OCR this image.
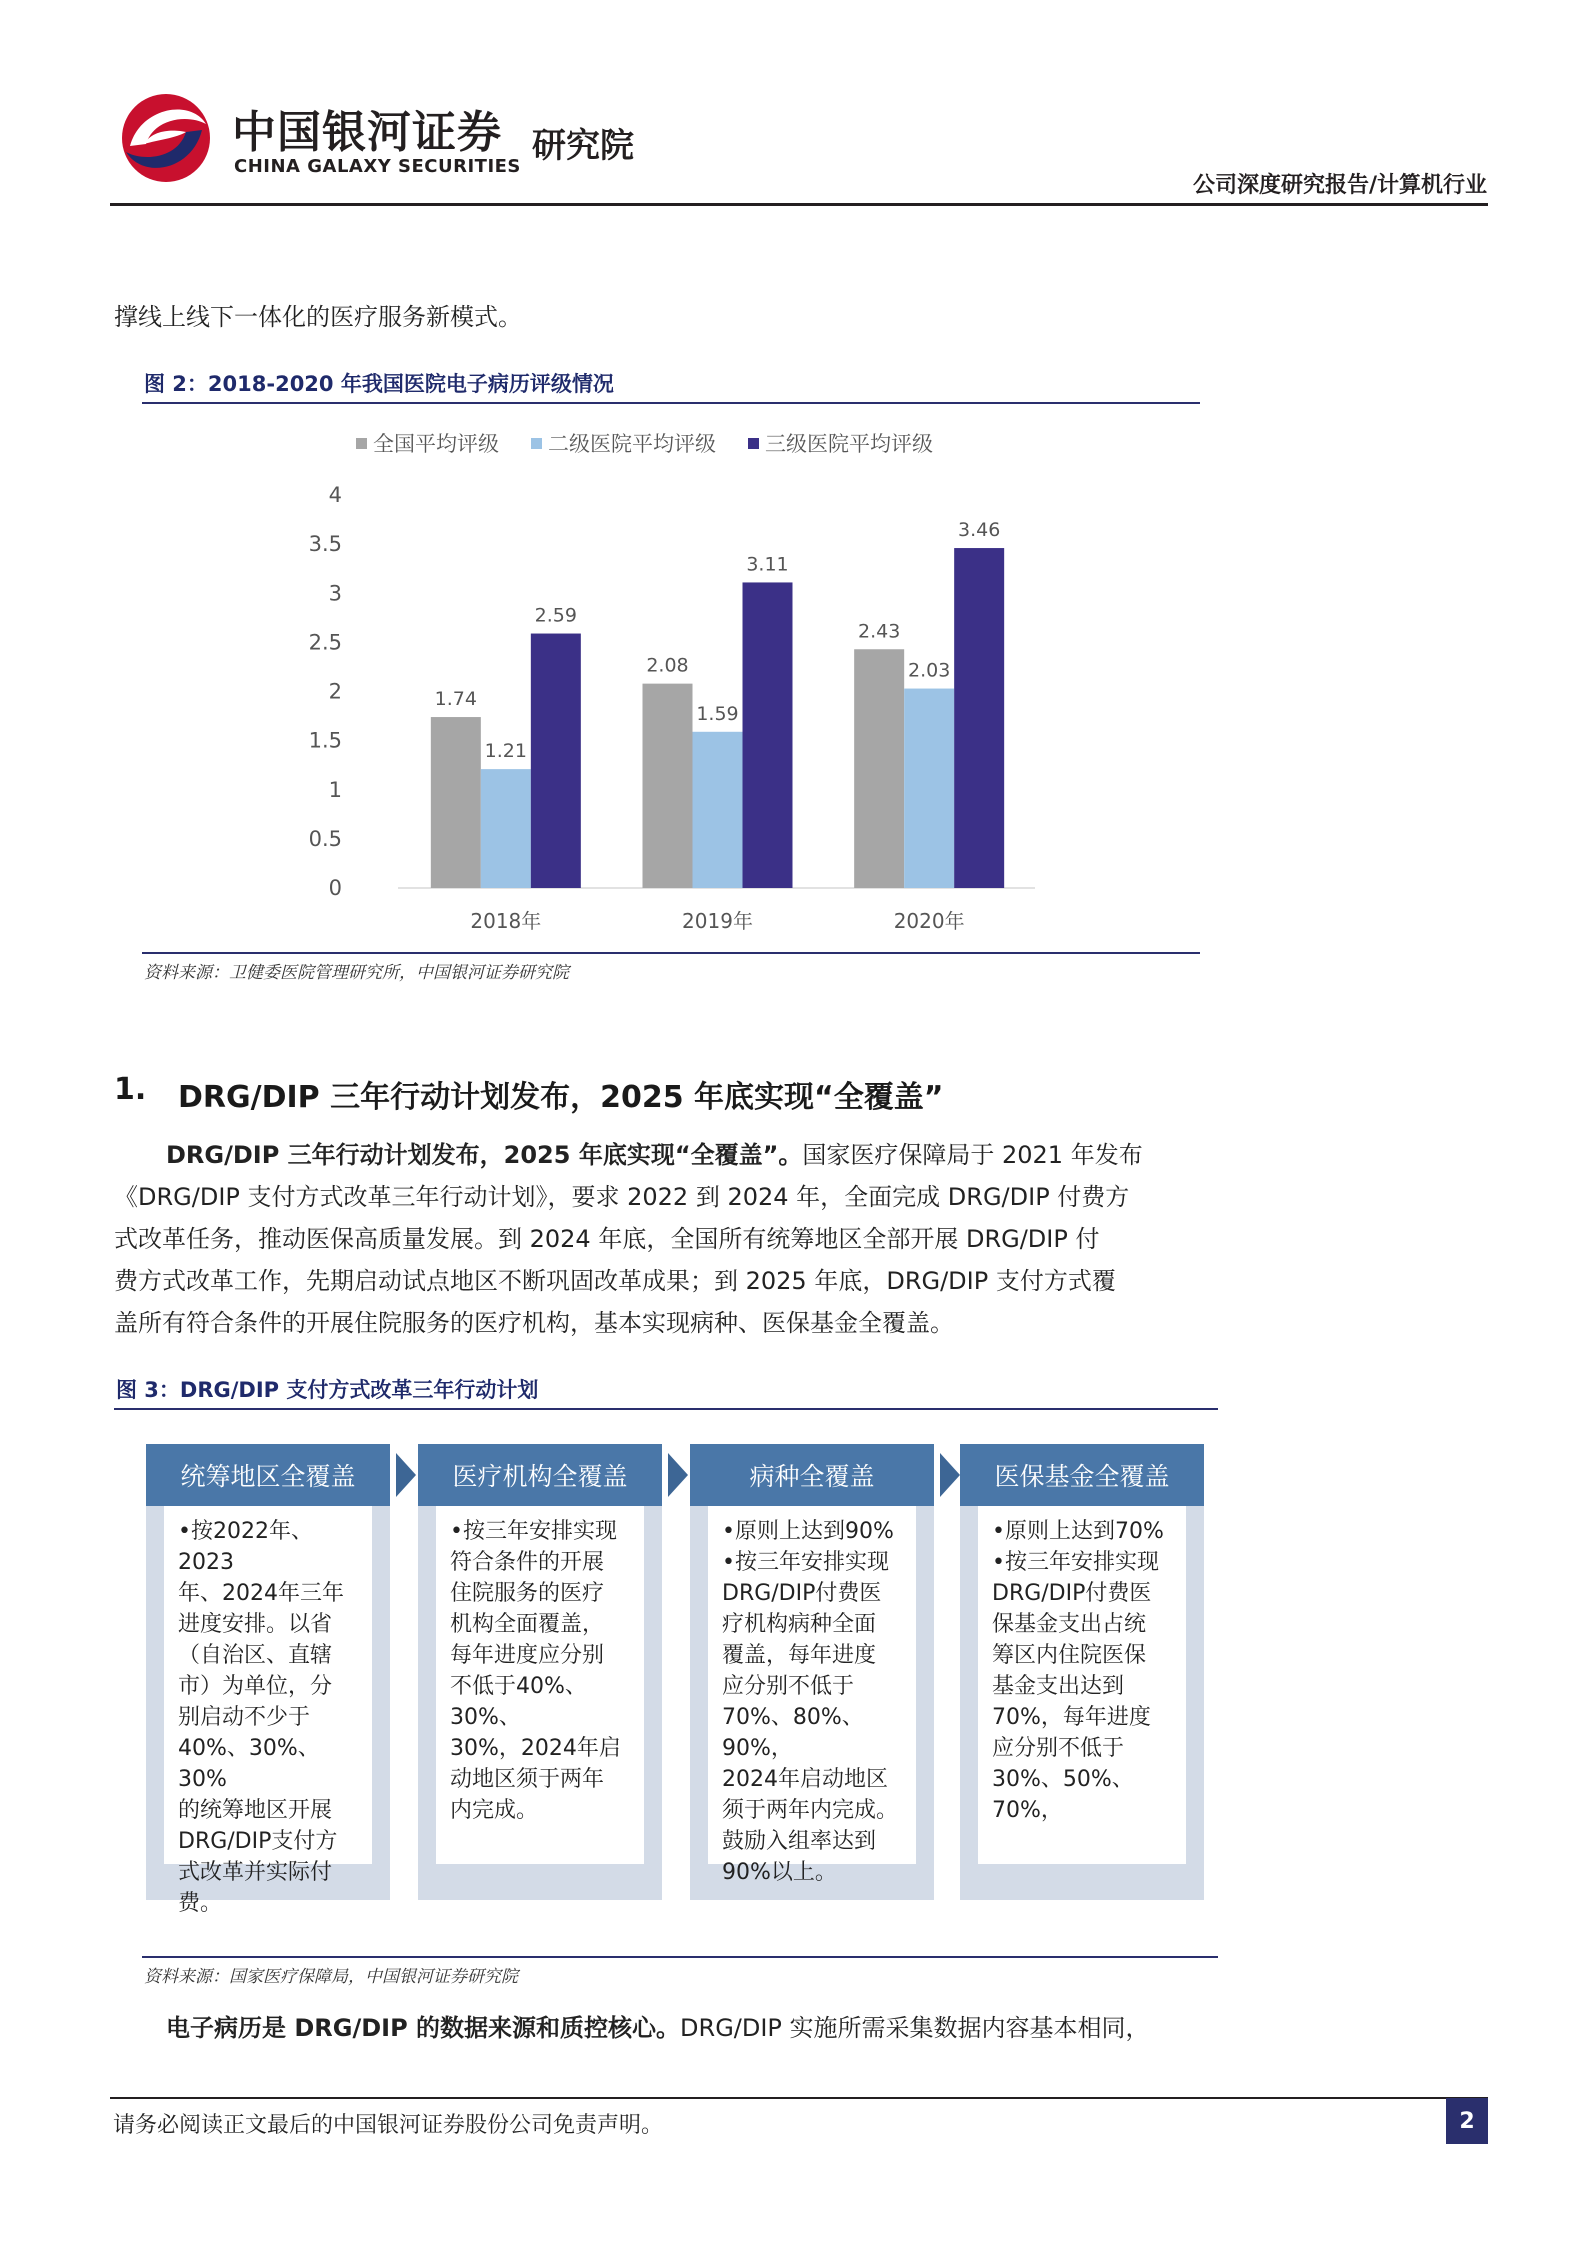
中国银河证券
CHINA GALAXY SECURITIES
研究院
公司深度研究报告/计算机行业
撑线上线下一体化的医疗服务新模式。
图 2：2018-2020 年我国医院电子病历评级情况
全国平均评级 二级医院平均评级 三级医院平均评级
0
0.5
1
1.5
2
2.5
3
3.5
4
1.74
1.21
2.59
2018年
2.08
1.59
3.11
2019年
2.43
2.03
3.46
2020年
资料来源：卫健委医院管理研究所，中国银河证券研究院
1. DRG/DIP 三年行动计划发布，2025 年底实现“全覆盖”
DRG/DIP 三年行动计划发布，2025 年底实现“全覆盖”。国家医疗保障局于 2021 年发布
《DRG/DIP 支付方式改革三年行动计划》，要求 2022 到 2024 年，全面完成 DRG/DIP 付费方
式改革任务，推动医保高质量发展。到 2024 年底，全国所有统筹地区全部开展 DRG/DIP 付
费方式改革工作，先期启动试点地区不断巩固改革成果；到 2025 年底，DRG/DIP 支付方式覆
盖所有符合条件的开展住院服务的医疗机构，基本实现病种、医保基金全覆盖。
图 3：DRG/DIP 支付方式改革三年行动计划
统筹地区全覆盖
•按2022年、2023
年、2024年三年
进度安排。以省
（自治区、直辖
市）为单位，分
别启动不少于
40%、30%、30%
的统筹地区开展
DRG/DIP支付方
式改革并实际付
费。
医疗机构全覆盖
•按三年安排实现
符合条件的开展
住院服务的医疗
机构全面覆盖，
每年进度应分别
不低于40%、30%、
30%，2024年启
动地区须于两年
内完成。
病种全覆盖
•原则上达到90%
•按三年安排实现
DRG/DIP付费医
疗机构病种全面
覆盖，每年进度
应分别不低于
70%、80%、90%，
2024年启动地区
须于两年内完成。
鼓励入组率达到
90%以上。
医保基金全覆盖
•原则上达到70%
•按三年安排实现
DRG/DIP付费医
保基金支出占统
筹区内住院医保
基金支出达到
70%，每年进度
应分别不低于
30%、50%、70%，
资料来源：国家医疗保障局，中国银河证券研究院
电子病历是 DRG/DIP 的数据来源和质控核心。DRG/DIP 实施所需采集数据内容基本相同，
请务必阅读正文最后的中国银河证券股份公司免责声明。	2
